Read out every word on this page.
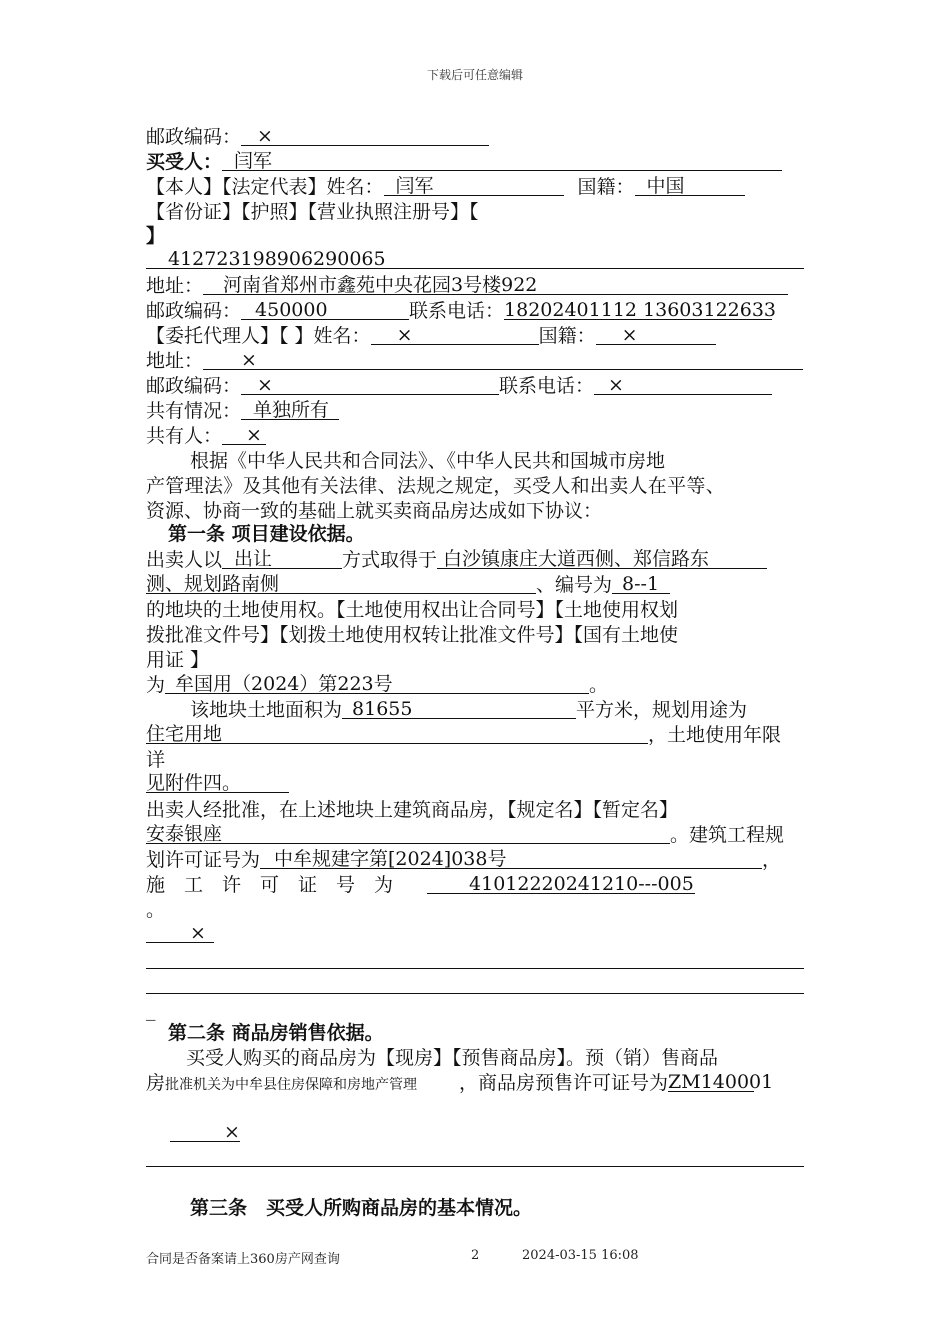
下载后可任意编辑
邮政编码： ×
买受人： 闫军
【本人】【法定代表】姓名： 闫军	国籍： 中国
【省份证】【护照】【营业执照注册号】【
】
412723198906290065
地址： 河南省郑州市鑫苑中央花园3号楼922
邮政编码： 450000	联系电话：18202401112 13603122633
【委托代理人】【 】姓名： ×	国籍： ×
地址： ×
邮政编码： ×	联系电话： ×
共有情况： 单独所有
共有人： ×
根据《中华人民共和合同法》、《中华人民共和国城市房地
产管理法》及其他有关法律、法规之规定，买受人和出卖人在平等、
资源、协商一致的基础上就买卖商品房达成如下协议：
第一条 项目建设依据。
出卖人以 出让	方式取得于 白沙镇康庄大道西侧、郑信路东
测、规划路南侧	、编号为 8--1
的地块的土地使用权。【土地使用权出让合同号】【土地使用权划
拨批准文件号】【划拨土地使用权转让批准文件号】【国有土地使
用证 】
为 牟国用（2024）第223号	。
该地块土地面积为 81655	平方米，规划用途为
住宅用地	，土地使用年限
详
见附件四。
出卖人经批准，在上述地块上建筑商品房，【规定名】【暂定名】
安泰银座	。建筑工程规
划许可证号为 中牟规建字第[2024]038号	，
施　工　许　可　证　号　为	41012220241210---005
。
×
_
第二条 商品房销售依据。
买受人购买的商品房为【现房】【预售商品房】。预（销）售商品
房批准机关为中牟县住房保障和房地产管理 ，商品房预售许可证号为ZM140001
×
第三条　买受人所购商品房的基本情况。
合同是否备案请上360房产网查询	2	2024-03-15 16:08
